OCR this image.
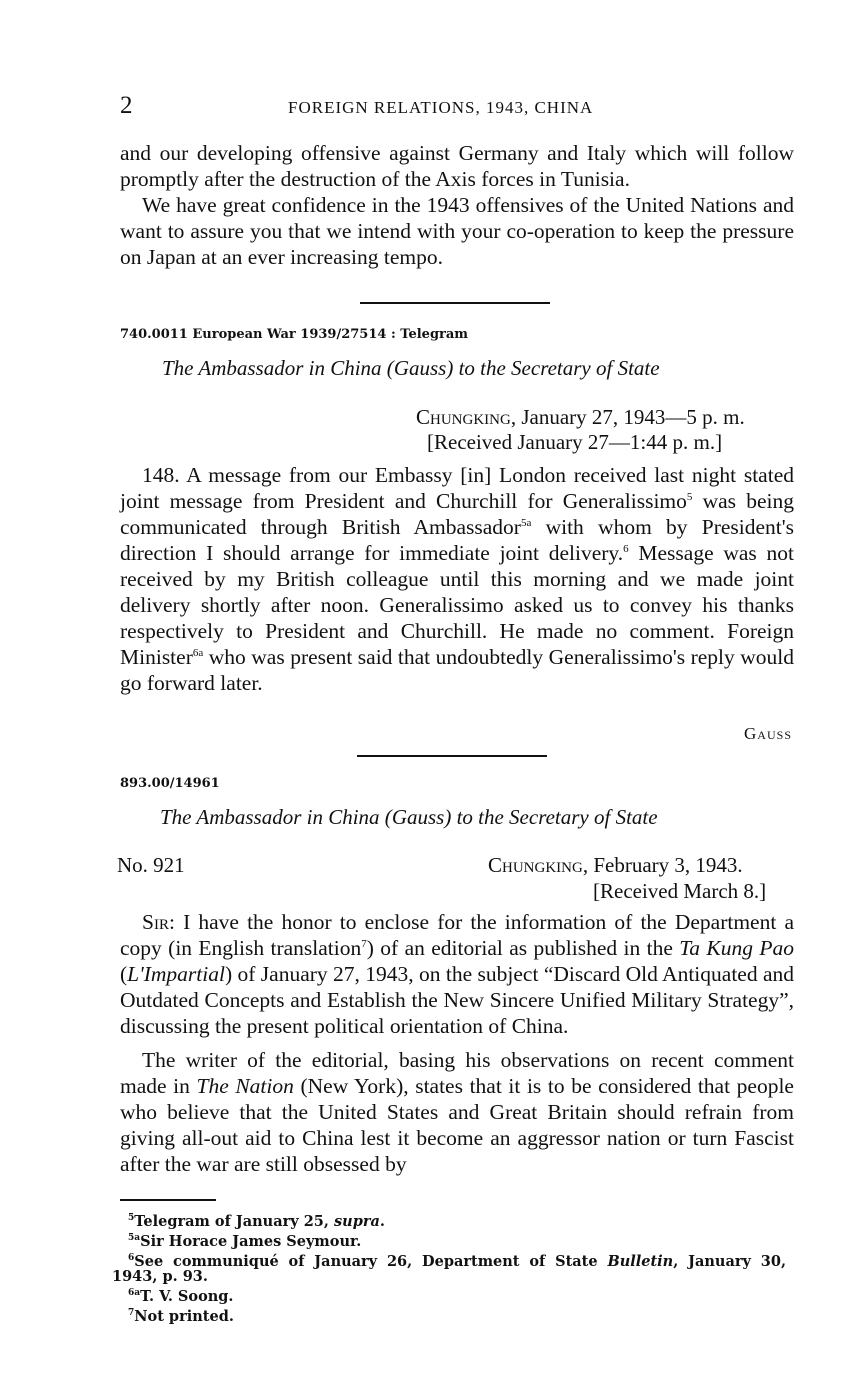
2	FOREIGN RELATIONS, 1943, CHINA

and our developing offensive against Germany and Italy which will follow promptly after the destruction of the Axis forces in Tunisia.

We have great confidence in the 1943 offensives of the United Nations and want to assure you that we intend with your co-operation to keep the pressure on Japan at an ever increasing tempo.

740.0011 European War 1939/27514 : Telegram
The Ambassador in China (Gauss) to the Secretary of State
Chungking, January 27, 1943—5 p. m.
[Received January 27—1:44 p. m.]
148. A message from our Embassy [in] London received last night stated joint message from President and Churchill for Generalissimo$^5$ was being communicated through British Ambassador$^{5a}$ with whom by President's direction I should arrange for immediate joint delivery.$^6$ Message was not received by my British colleague until this morning and we made joint delivery shortly after noon. Generalissimo asked us to convey his thanks respectively to President and Churchill. He made no comment. Foreign Minister$^{6a}$ who was present said that undoubtedly Generalissimo's reply would go forward later.
Gauss
893.00/14961
The Ambassador in China (Gauss) to the Secretary of State
No. 921	Chungking, February 3, 1943.
[Received March 8.]

Sir: I have the honor to enclose for the information of the Department a copy (in English translation$^7$) of an editorial as published in the Ta Kung Pao (L'Impartial) of January 27, 1943, on the subject “Discard Old Antiquated and Outdated Concepts and Establish the New Sincere Unified Military Strategy”, discussing the present political orientation of China.

The writer of the editorial, basing his observations on recent comment made in The Nation (New York), states that it is to be considered that people who believe that the United States and Great Britain should refrain from giving all-out aid to China lest it become an aggressor nation or turn Fascist after the war are still obsessed by

$^5$Telegram of January 25, supra.

$^{5a}$Sir Horace James Seymour.

$^6$See communiqué of January 26, Department of State Bulletin, January 30, 1943, p. 93.

$^{6a}$T. V. Soong.

$^7$Not printed.
